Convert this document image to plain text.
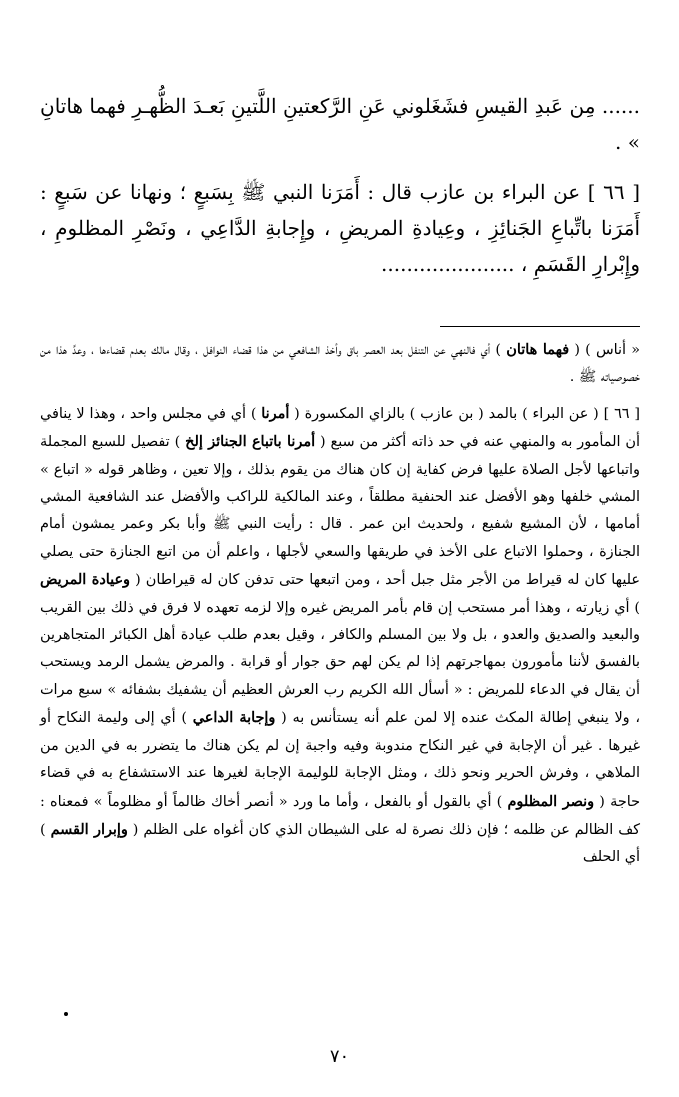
...... مِن عَبدِ القيسِ فشَغَلوني عَنِ الرَّكعتينِ اللَّتينِ بَعـدَ الظُّهـرِ فهما هاتانِ » .

[ ٦٦ ] عن البراء بن عازب قال : أَمَرَنا النبي ﷺ بِسَبعٍ ؛ ونهانا عن سَبعٍ : أَمَرَنا باتِّباعِ الجَنائِزِ ، وعِيادةِ المريضِ ، وإِجابةِ الدَّاعِي ، ونَصْرِ المظلومِ ، وإِبْرارِ القَسَمِ ، .....................

« أناس ) ( فهما هاتان ) أي فالنهي عن التنفل بعد العصر باق وأخذ الشافعي من هذا قضاء النوافل ، وقال مالك بعدم قضاءها ، وعدَّ هذا من خصوصياته ﷺ .

[ ٦٦ ] ( عن البراء ) بالمد ( بن عازب ) بالزاي المكسورة ( أمرنا ) أي في مجلس واحد ، وهذا لا ينافي أن المأمور به والمنهي عنه في حد ذاته أكثر من سبع ( أمرنا باتباع الجنائز إلخ ) تفصيل للسبع المجملة واتباعها لأجل الصلاة عليها فرض كفاية إن كان هناك من يقوم بذلك ، وإلا تعين ، وظاهر قوله « اتباع » المشي خلفها وهو الأفضل عند الحنفية مطلقاً ، وعند المالكية للراكب والأفضل عند الشافعية المشي أمامها ، لأن المشيع شفيع ، ولحديث ابن عمر . قال : رأيت النبي ﷺ وأبا بكر وعمر يمشون أمام الجنازة ، وحملوا الاتباع على الأخذ في طريقها والسعي لأجلها ، واعلم أن من اتبع الجنازة حتى يصلي عليها كان له قيراط من الأجر مثل جبل أحد ، ومن اتبعها حتى تدفن كان له قيراطان ( وعيادة المريض ) أي زيارته ، وهذا أمر مستحب إن قام بأمر المريض غيره وإلا لزمه تعهده لا فرق في ذلك بين القريب والبعيد والصديق والعدو ، بل ولا بين المسلم والكافر ، وقيل بعدم طلب عيادة أهل الكبائر المتجاهرين بالفسق لأننا مأمورون بمهاجرتهم إذا لم يكن لهم حق جوار أو قرابة . والمرض يشمل الرمد ويستحب أن يقال في الدعاء للمريض : « أسأل الله الكريم رب العرش العظيم أن يشفيك بشفائه » سبع مرات ، ولا ينبغي إطالة المكث عنده إلا لمن علم أنه يستأنس به ( وإجابة الداعي ) أي إلى وليمة النكاح أو غيرها . غير أن الإجابة في غير النكاح مندوبة وفيه واجبة إن لم يكن هناك ما يتضرر به في الدين من الملاهي ، وفرش الحرير ونحو ذلك ، ومثل الإجابة للوليمة الإجابة لغيرها عند الاستشفاع به في قضاء حاجة ( ونصر المظلوم ) أي بالقول أو بالفعل ، وأما ما ورد « أنصر أخاك ظالماً أو مظلوماً » فمعناه : كف الظالم عن ظلمه ؛ فإن ذلك نصرة له على الشيطان الذي كان أغواه على الظلم ( وإبرار القسم ) أي الحلف

٧٠
